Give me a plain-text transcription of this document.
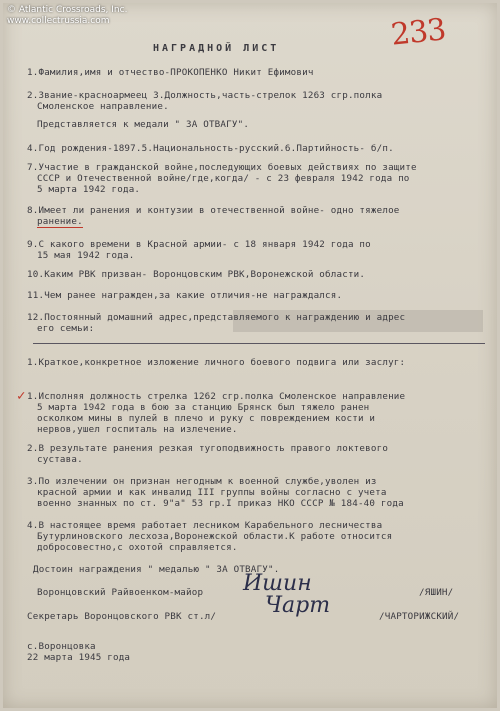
© Atlantic Crossroads, Inc.
www.collectrussia.com	233
НАГРАДНОЙ ЛИСТ
1.Фамилия,имя и отчество-ПРОКОПЕНКО Никит Ефимович
2.Звание-красноармеец 3.Должность,часть-стрелок 1263 сгр.полка
Смоленское направление.
Представляется к медали " ЗА ОТВАГУ".
4.Год рождения-1897.5.Национальность-русский.6.Партийность- б/п.
7.Участие в гражданской войне,последующих боевых действиях по защите
СССР и Отечественной войне/где,когда/ - с 23 февраля 1942 года по
5 марта 1942 года.
8.Имеет ли ранения и контузии в отечественной войне- одно тяжелое
ранение.
9.С какого времени в Красной армии- с 18 января 1942 года по
15 мая 1942 года.
10.Каким РВК призван- Воронцовским РВК,Воронежской области.
11.Чем ранее награжден,за какие отличия-не награждался.
12.Постоянный домашний адрес,представляемого к награждению и адрес
его семьи:
1.Краткое,конкретное изложение личного боевого подвига или заслуг:
✓ 1.Исполняя должность стрелка 1262 сгр.полка Смоленское направление
5 марта 1942 года в бою за станцию Брянск был тяжело ранен
осколком мины в пулей в плечо и руку с повреждением кости и
нервов,ушел госпиталь на излечение.
2.В результате ранения резкая тугоподвижность правого локтевого
сустава.
3.По излечении он признан негодным к военной службе,уволен из
красной армии и как инвалид III группы войны согласно с учета
военно знанных по ст. 9"а" 53 гр.I приказ НКО СССР № 184-40 года
4.В настоящее время работает лесником Карабельного лесничества
Бутурлиновского лесхоза,Воронежской области.К работе относится
добросовестно,с охотой справляется.
Достоин награждения " медалью " ЗА ОТВАГУ".
Воронцовский Райвоенком-майор Ишин	/ЯШИН/
Секретарь Воронцовского РВК ст.л/ Чарт	/ЧАРТОРИЖСКИЙ/
с.Воронцовка
22 марта 1945 года
